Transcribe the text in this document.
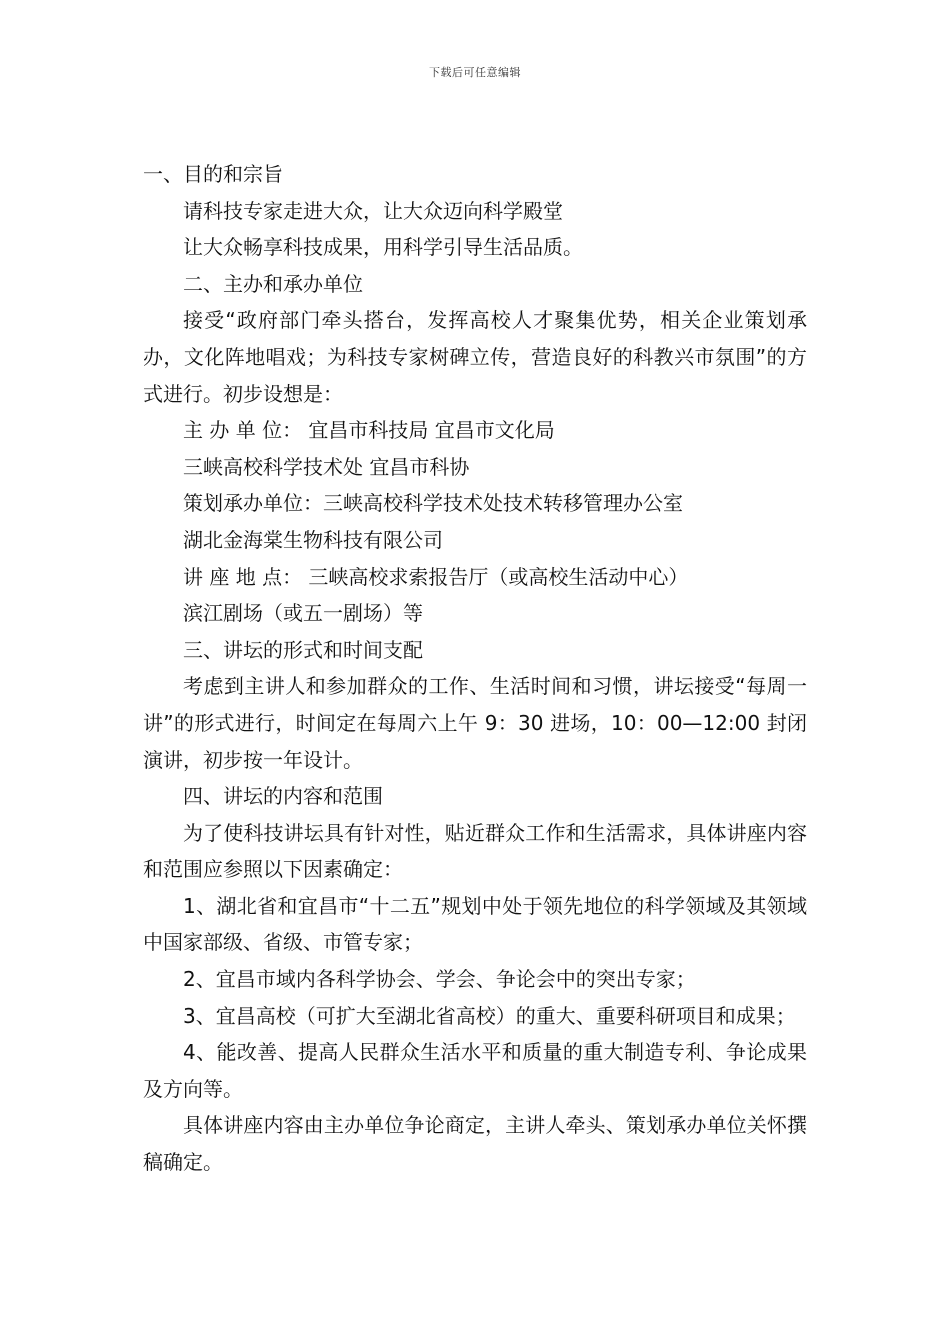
下载后可任意编辑

一、目的和宗旨

请科技专家走进大众，让大众迈向科学殿堂

让大众畅享科技成果，用科学引导生活品质。

二、主办和承办单位

接受“政府部门牵头搭台，发挥高校人才聚集优势，相关企业策划承办，文化阵地唱戏；为科技专家树碑立传，营造良好的科教兴市氛围”的方式进行。初步设想是：

主 办 单 位： 宜昌市科技局 宜昌市文化局

三峡高校科学技术处 宜昌市科协

策划承办单位：三峡高校科学技术处技术转移管理办公室

湖北金海棠生物科技有限公司

讲 座 地 点： 三峡高校求索报告厅（或高校生活动中心）

滨江剧场（或五一剧场）等

三、讲坛的形式和时间支配

考虑到主讲人和参加群众的工作、生活时间和习惯，讲坛接受“每周一讲”的形式进行，时间定在每周六上午 9：30 进场，10：00—12:00 封闭演讲，初步按一年设计。

四、讲坛的内容和范围

为了使科技讲坛具有针对性，贴近群众工作和生活需求，具体讲座内容和范围应参照以下因素确定：

1、湖北省和宜昌市“十二五”规划中处于领先地位的科学领域及其领域中国家部级、省级、市管专家；

2、宜昌市域内各科学协会、学会、争论会中的突出专家；

3、宜昌高校（可扩大至湖北省高校）的重大、重要科研项目和成果；

4、能改善、提高人民群众生活水平和质量的重大制造专利、争论成果及方向等。

具体讲座内容由主办单位争论商定，主讲人牵头、策划承办单位关怀撰稿确定。
